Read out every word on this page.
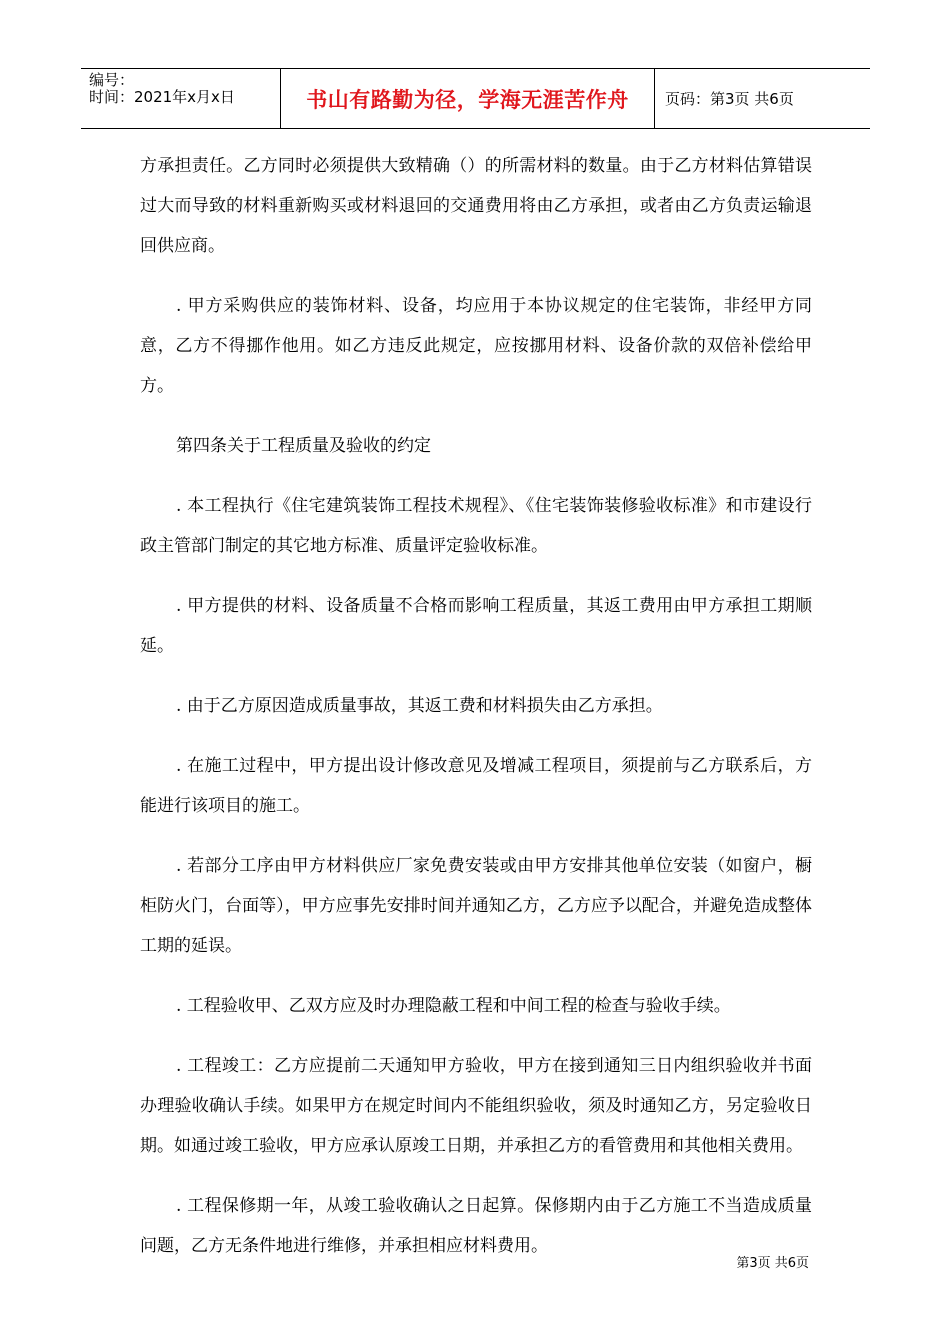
编号：
时间：2021年x月x日	书山有路勤为径，学海无涯苦作舟	页码：第3页 共6页

方承担责任。乙方同时必须提供大致精确（）的所需材料的数量。由于乙方材料估算错误过大而导致的材料重新购买或材料退回的交通费用将由乙方承担，或者由乙方负责运输退回供应商。

. 甲方采购供应的装饰材料、设备，均应用于本协议规定的住宅装饰，非经甲方同意，乙方不得挪作他用。如乙方违反此规定，应按挪用材料、设备价款的双倍补偿给甲方。

第四条关于工程质量及验收的约定

. 本工程执行《住宅建筑装饰工程技术规程》、《住宅装饰装修验收标准》和市建设行政主管部门制定的其它地方标准、质量评定验收标准。

. 甲方提供的材料、设备质量不合格而影响工程质量，其返工费用由甲方承担工期顺延。

. 由于乙方原因造成质量事故，其返工费和材料损失由乙方承担。

. 在施工过程中，甲方提出设计修改意见及增减工程项目，须提前与乙方联系后，方能进行该项目的施工。

. 若部分工序由甲方材料供应厂家免费安装或由甲方安排其他单位安装（如窗户，橱柜防火门，台面等），甲方应事先安排时间并通知乙方，乙方应予以配合，并避免造成整体工期的延误。

. 工程验收甲、乙双方应及时办理隐蔽工程和中间工程的检查与验收手续。

. 工程竣工：乙方应提前二天通知甲方验收，甲方在接到通知三日内组织验收并书面办理验收确认手续。如果甲方在规定时间内不能组织验收，须及时通知乙方，另定验收日期。如通过竣工验收，甲方应承认原竣工日期，并承担乙方的看管费用和其他相关费用。

. 工程保修期一年，从竣工验收确认之日起算。保修期内由于乙方施工不当造成质量问题，乙方无条件地进行维修，并承担相应材料费用。

第3页 共6页
